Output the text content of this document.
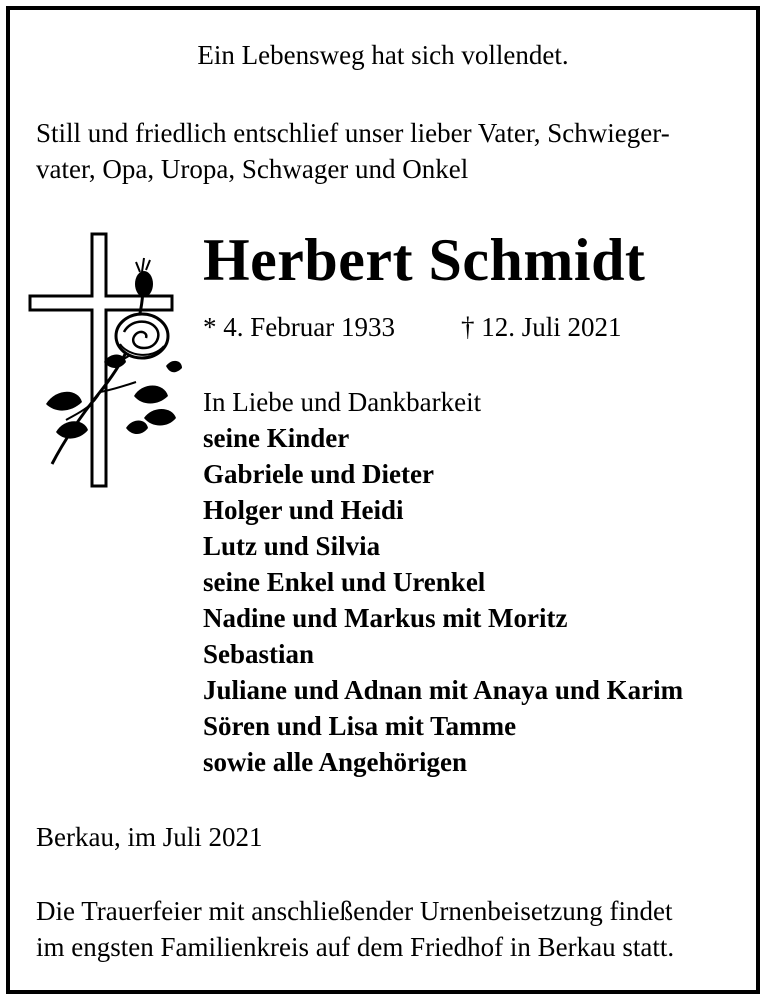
Ein Lebensweg hat sich vollendet.
Still und friedlich entschlief unser lieber Vater, Schwieger-
vater, Opa, Uropa, Schwager und Onkel
Herbert Schmidt
* 4. Februar 1933 † 12. Juli 2021
In Liebe und Dankbarkeit
seine Kinder
Gabriele und Dieter
Holger und Heidi
Lutz und Silvia
seine Enkel und Urenkel
Nadine und Markus mit Moritz
Sebastian
Juliane und Adnan mit Anaya und Karim
Sören und Lisa mit Tamme
sowie alle Angehörigen
Berkau, im Juli 2021
Die Trauerfeier mit anschließender Urnenbeisetzung findet
im engsten Familienkreis auf dem Friedhof in Berkau statt.
